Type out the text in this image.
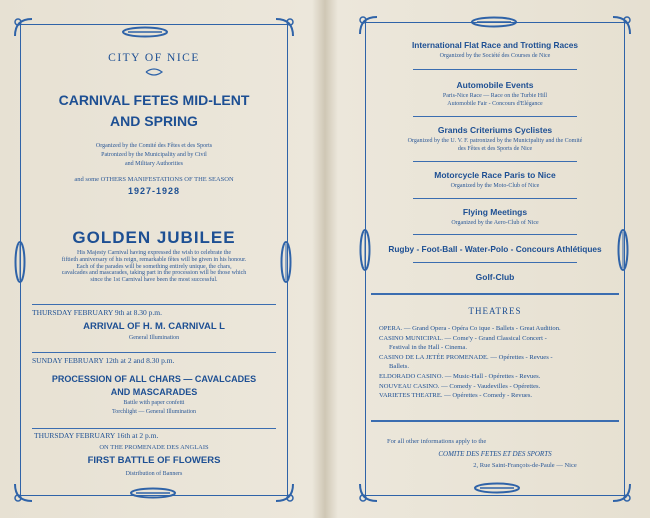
CITY OF NICE
CARNIVAL FETES MID-LENT
AND SPRING
Organized by the Comité des Fêtes et des Sports
Patronized by the Municipality and by Civil
and Military Authorities
and some OTHERS MANIFESTATIONS OF THE SEASON
1927-1928
GOLDEN JUBILEE
His Majesty Carnival having expressed the wish to celebrate the
fiftieth anniversary of his reign, remarkable fêtes will be given in his honour.
Each of the parades will be something entirely unique, the chars,
cavalcades and mascarades, taking part in the procession will be those which
since the 1st Carnival have been the most successful.
THURSDAY FEBRUARY 9th at 8.30 p.m.
ARRIVAL OF H. M. CARNIVAL L
General Illumination
SUNDAY FEBRUARY 12th at 2 and 8.30 p.m.
PROCESSION OF ALL CHARS — CAVALCADES
AND MASCARADES
Battle with paper confetti
Torchlight — General Illumination
THURSDAY FEBRUARY 16th at 2 p.m.
ON THE PROMENADE DES ANGLAIS
FIRST BATTLE OF FLOWERS
Distribution of Banners
International Flat Race and Trotting Races
Organized by the Société des Courses de Nice
Automobile Events
Paris-Nice Race — Race on the Turbie Hill
Automobile Fair - Concours d'Elégance
Grands Criteriums Cyclistes
Organized by the U. V. F. patronized by the Municipality and the Comité
des Fêtes et des Sports de Nice
Motorcycle Race Paris to Nice
Organized by the Moto-Club of Nice
Flying Meetings
Organized by the Aero-Club of Nice
Rugby - Foot-Ball - Water-Polo - Concours Athlétiques
Golf-Club
THEATRES
OPERA. — Grand Opera - Opéra Co ique - Ballets - Great Audition.
CASINO MUNICIPAL. — Come'y - Grand Classical Concert -
Festival in the Hall - Cinema.
CASINO DE LA JETÉE PROMENADE. — Opérettes - Revues -
Ballets.
ELDORADO CASINO. — Music-Hall - Opérettes - Revues.
NOUVEAU CASINO. — Comedy - Vaudevilles - Opérettes.
VARIETES THEATRE. — Opérettes - Comedy - Revues.
For all other informations apply to the
COMITE DES FETES ET DES SPORTS
2, Rue Saint-François-de-Paule — Nice
